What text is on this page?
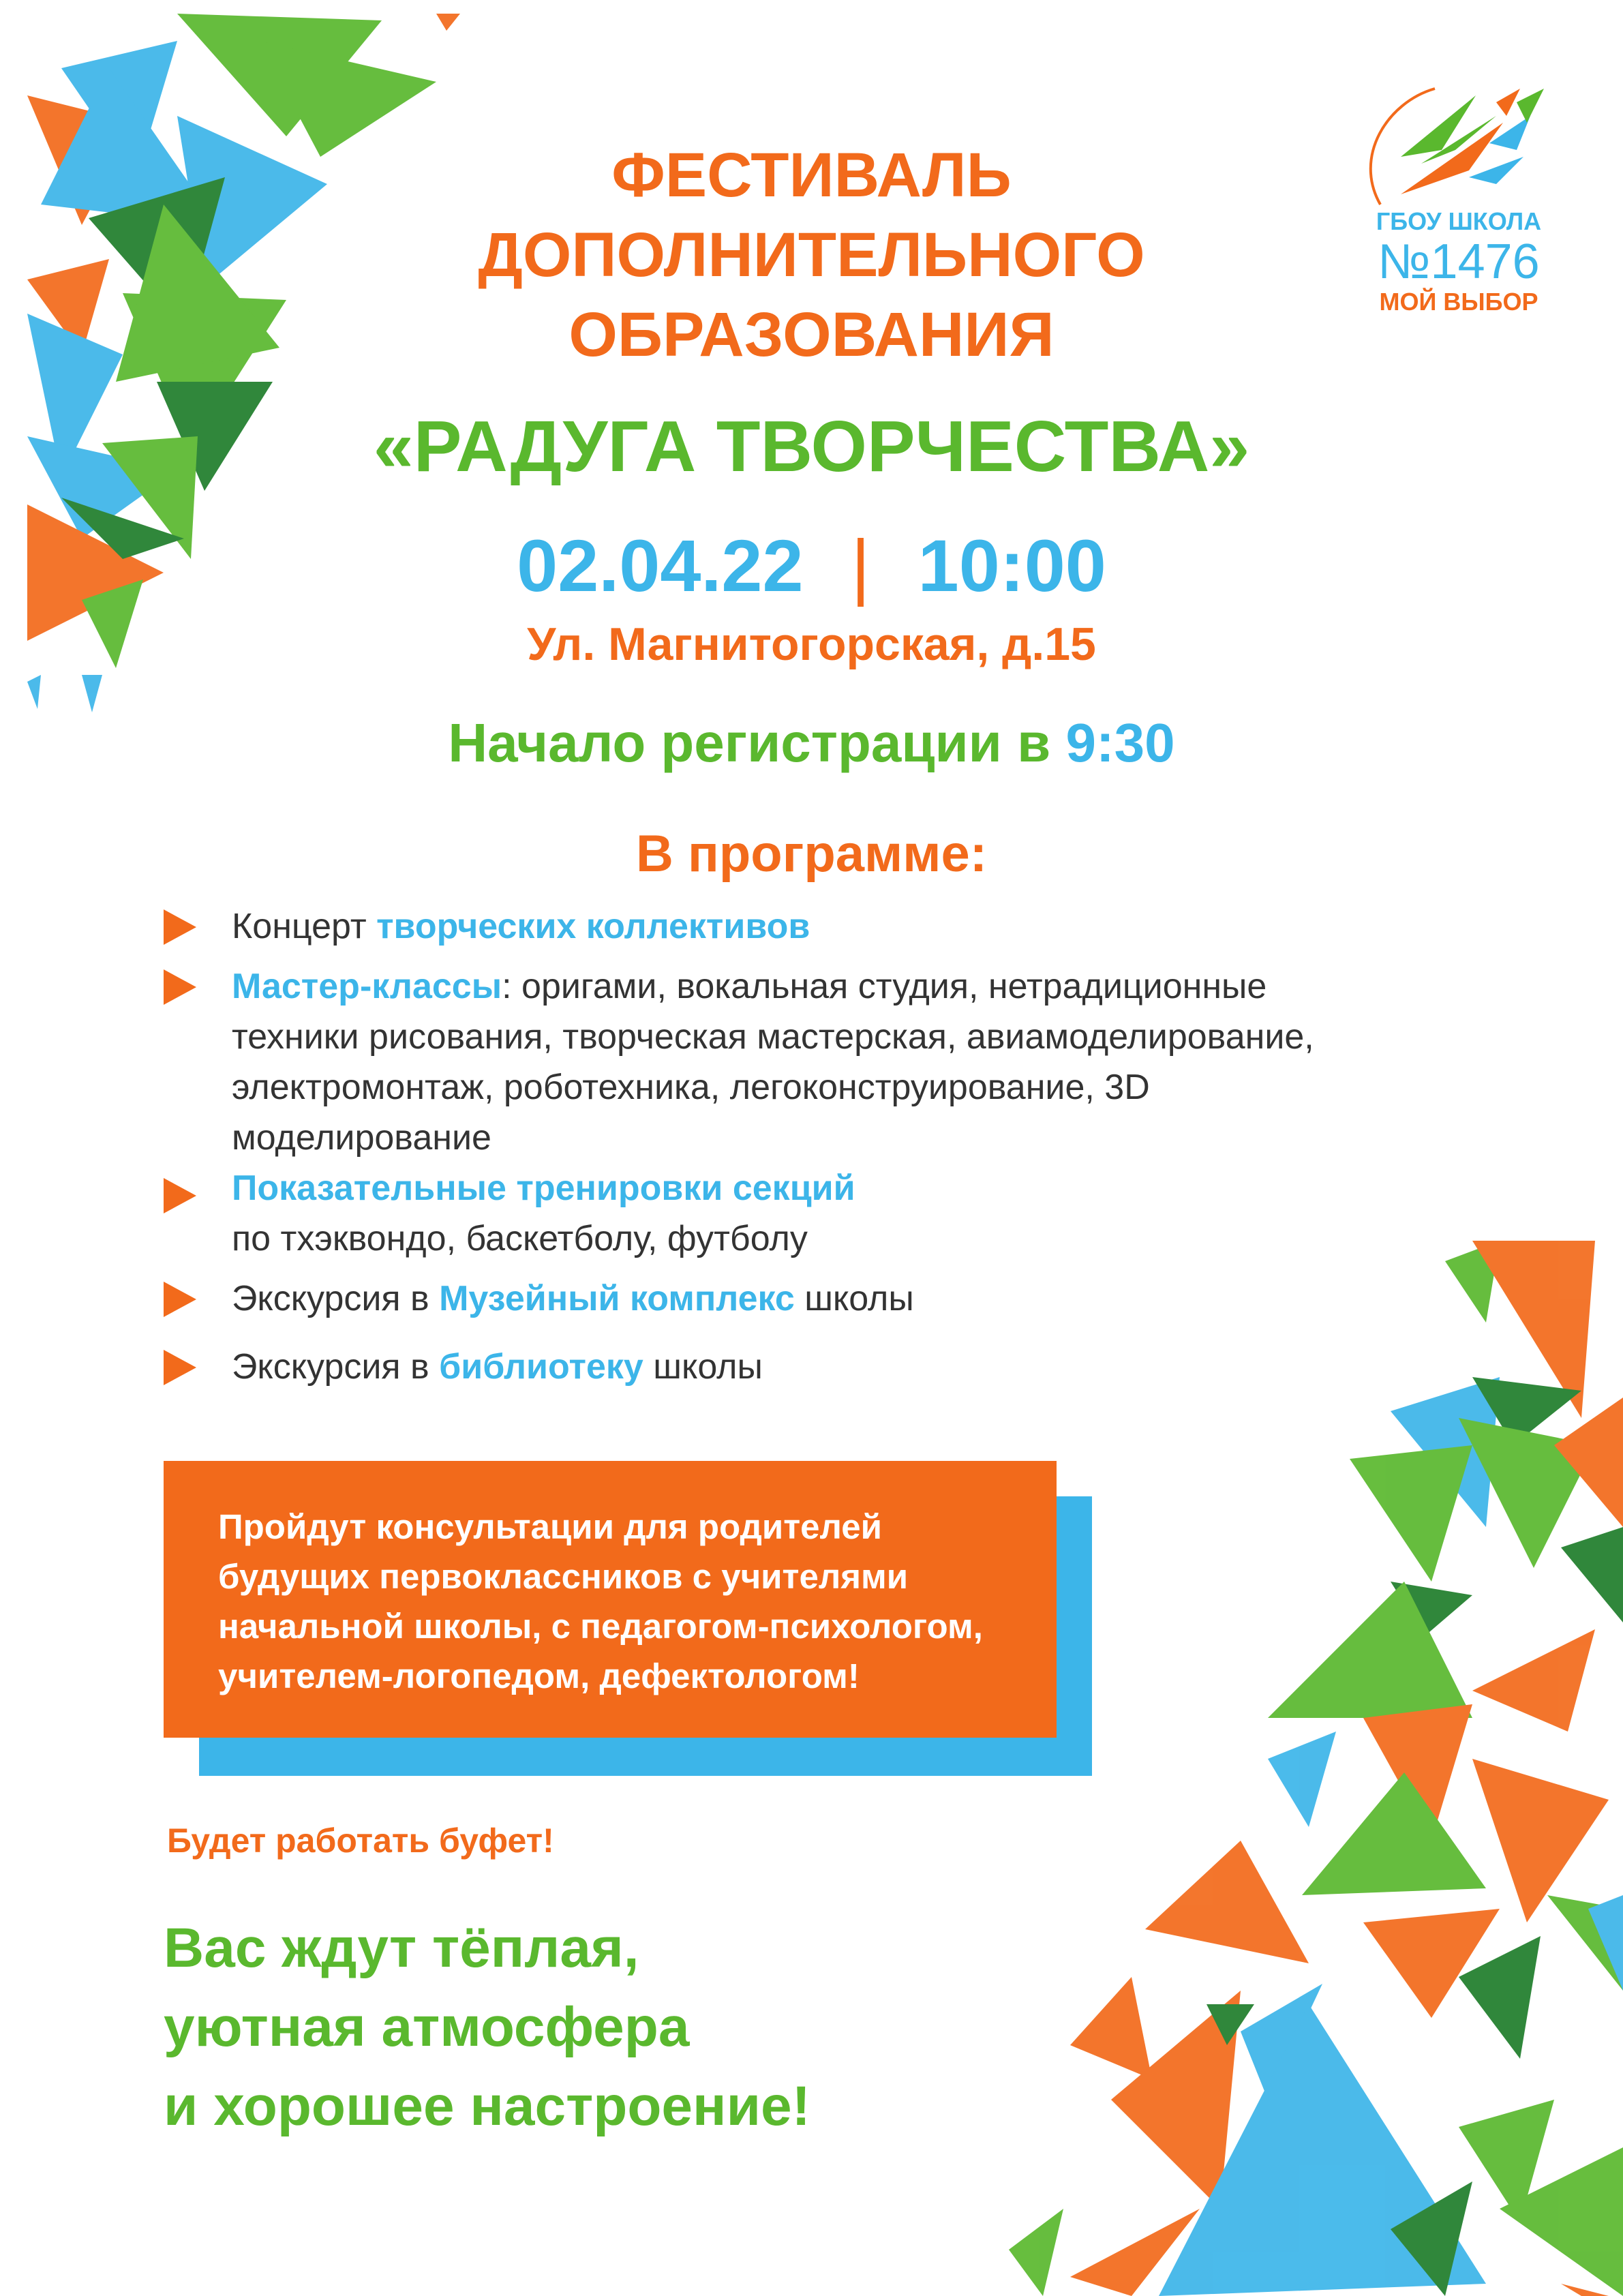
ГБОУ ШКОЛА
№1476
МОЙ ВЫБОР

ФЕСТИВАЛЬ

ДОПОЛНИТЕЛЬНОГО

ОБРАЗОВАНИЯ

«РАДУГА ТВОРЧЕСТВА»

02.04.22 | 10:00

Ул. Магнитогорская, д.15

Начало регистрации в 9:30

В программе:

Концерт творческих коллективов
Мастер-классы: оригами, вокальная студия, нетрадиционные техники рисования, творческая мастерская, авиамоделирование, электромонтаж, роботехника, легоконструирование, 3D моделирование
Показательные тренировки секций
по тхэквондо, баскетболу, футболу
Экскурсия в Музейный комплекс школы
Экскурсия в библиотеку школы

Пройдут консультации для родителей

будущих первоклассников с учителями

начальной школы, с педагогом-психологом,

учителем-логопедом, дефектологом!

Будет работать буфет!

Вас ждут тёплая,

уютная атмосфера

и хорошее настроение!
